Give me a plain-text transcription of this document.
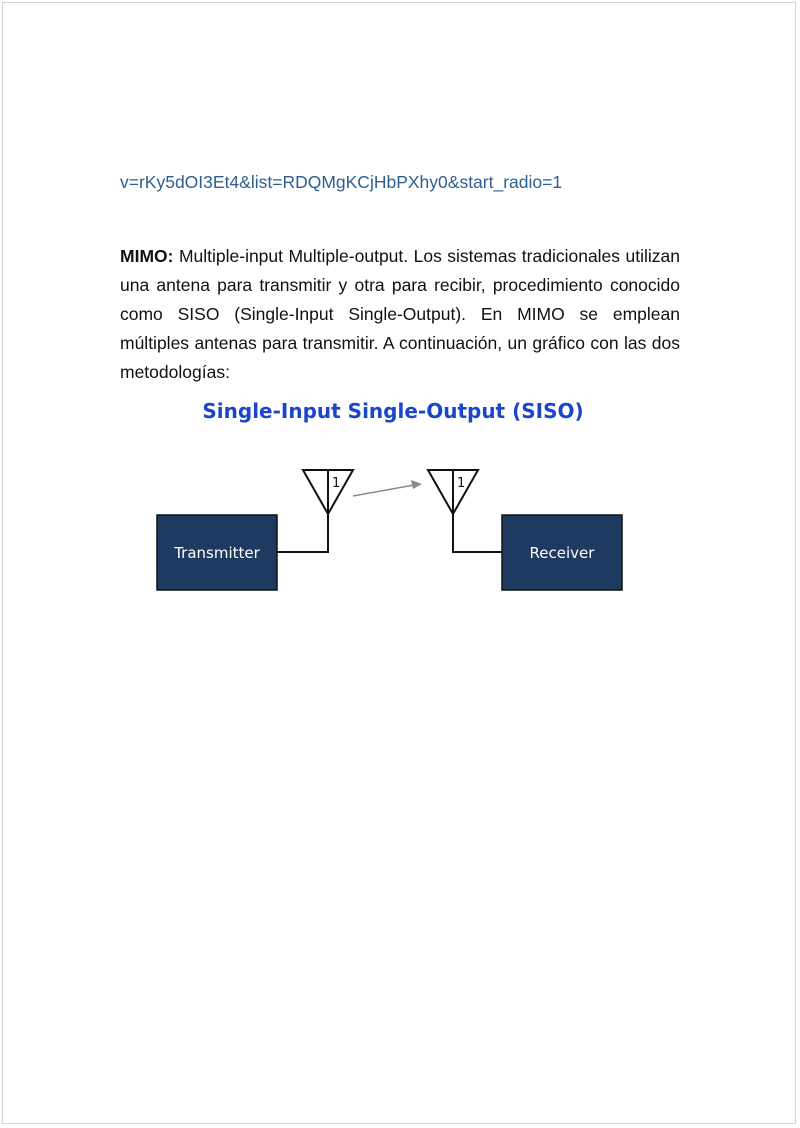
v=rKy5dOI3Et4&list=RDQMgKCjHbPXhy0&start_radio=1

MIMO: Multiple-input Multiple-output. Los sistemas tradicionales utilizan una antena para transmitir y otra para recibir, procedimiento conocido como SISO (Single-Input Single-Output). En MIMO se emplean múltiples antenas para transmitir. A continuación, un gráfico con las dos metodologías:

Single-Input Single-Output (SISO)
Transmitter	Receiver
1	1
